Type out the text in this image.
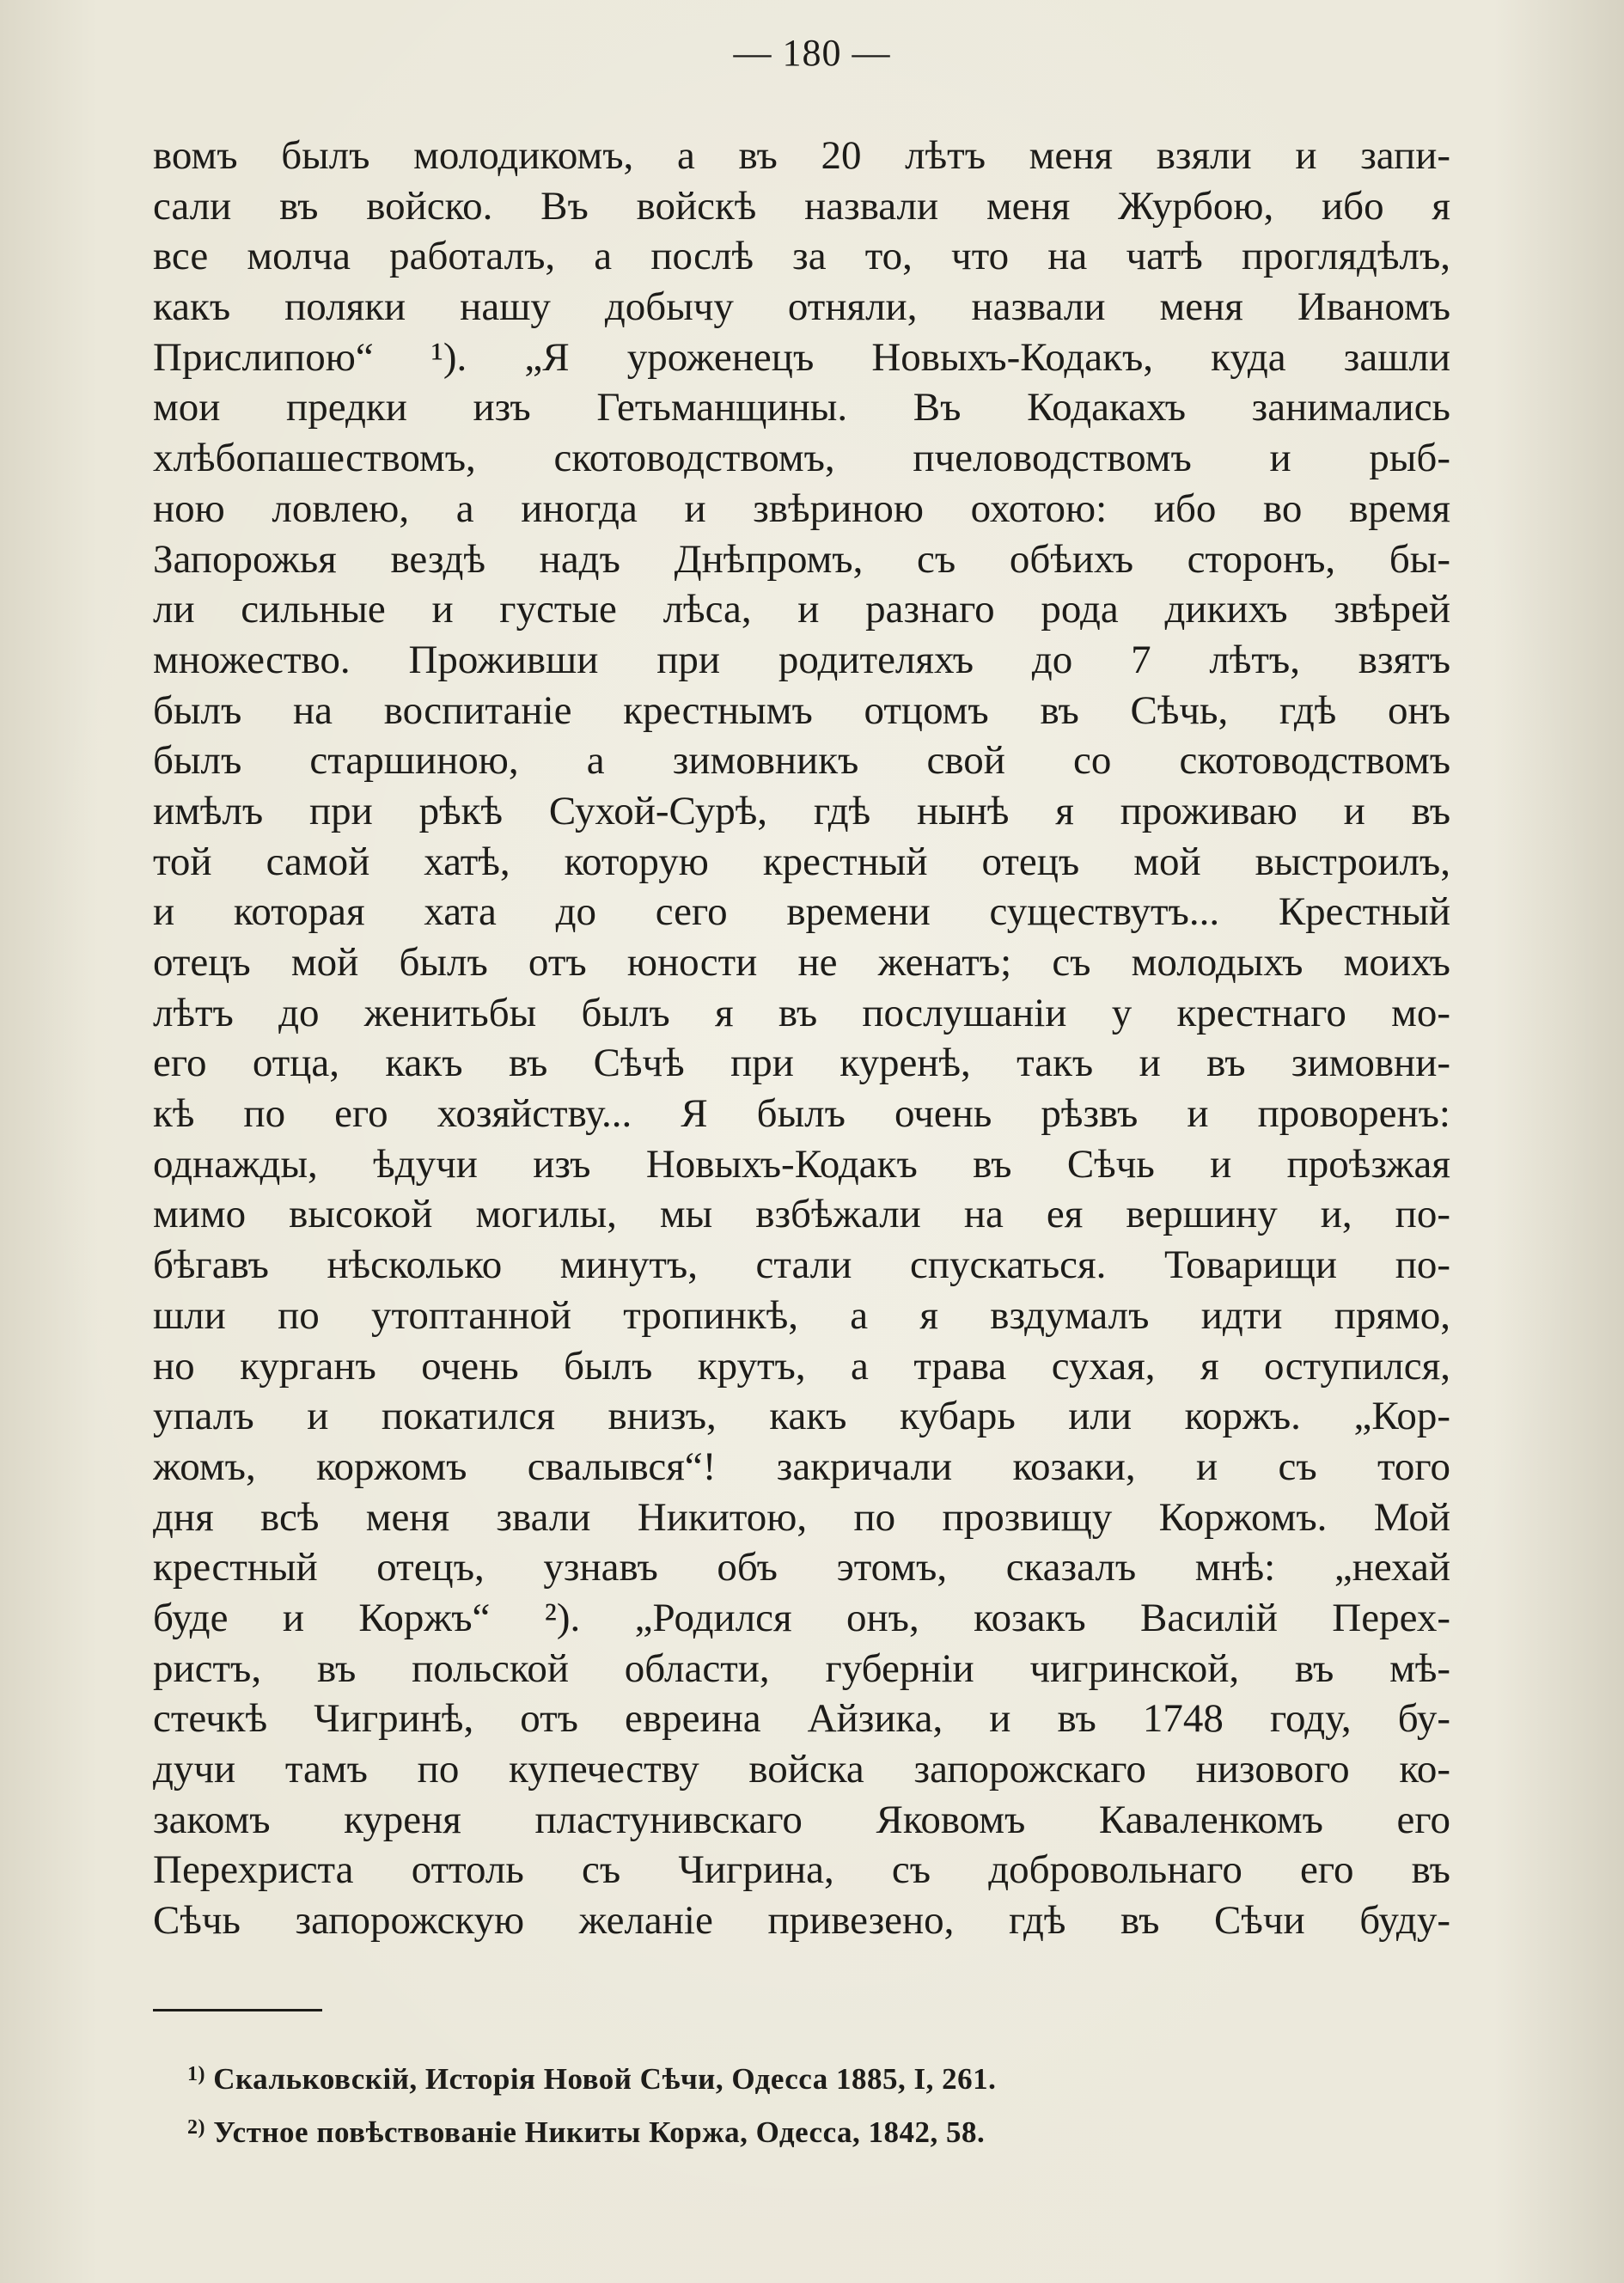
— 180 —
вомъ былъ молодикомъ, а въ 20 лѣтъ меня взяли и запи-
сали въ войско. Въ войскѣ назвали меня Журбою, ибо я
все молча работалъ, а послѣ за то, что на чатѣ проглядѣлъ,
какъ поляки нашу добычу отняли, назвали меня Иваномъ
Прислипою“ ¹). „Я уроженецъ Новыхъ-Кодакъ, куда зашли
мои предки изъ Гетьманщины. Въ Кодакахъ занимались
хлѣбопашествомъ, скотоводствомъ, пчеловодствомъ и рыб-
ною ловлею, а иногда и звѣриною охотою: ибо во время
Запорожья вездѣ надъ Днѣпромъ, съ обѣихъ сторонъ, бы-
ли сильные и густые лѣса, и разнаго рода дикихъ звѣрей
множество. Проживши при родителяхъ до 7 лѣтъ, взятъ
былъ на воспитаніе крестнымъ отцомъ въ Сѣчь, гдѣ онъ
былъ старшиною, а зимовникъ свой со скотоводствомъ
имѣлъ при рѣкѣ Сухой-Сурѣ, гдѣ нынѣ я проживаю и въ
той самой хатѣ, которую крестный отецъ мой выстроилъ,
и которая хата до сего времени существутъ... Крестный
отецъ мой былъ отъ юности не женатъ; съ молодыхъ моихъ
лѣтъ до женитьбы былъ я въ послушаніи у крестнаго мо-
его отца, какъ въ Сѣчѣ при куренѣ, такъ и въ зимовни-
кѣ по его хозяйству... Я былъ очень рѣзвъ и проворенъ:
однажды, ѣдучи изъ Новыхъ-Кодакъ въ Сѣчь и проѣзжая
мимо высокой могилы, мы взбѣжали на ея вершину и, по-
бѣгавъ нѣсколько минутъ, стали спускаться. Товарищи по-
шли по утоптанной тропинкѣ, а я вздумалъ идти прямо,
но курганъ очень былъ крутъ, а трава сухая, я оступился,
упалъ и покатился внизъ, какъ кубарь или коржъ. „Кор-
жомъ, коржомъ свалывся“! закричали козаки, и съ того
дня всѣ меня звали Никитою, по прозвищу Коржомъ. Мой
крестный отецъ, узнавъ объ этомъ, сказалъ мнѣ: „нехай
буде и Коржъ“ ²). „Родился онъ, козакъ Василій Перех-
ристъ, въ польской области, губерніи чигринской, въ мѣ-
стечкѣ Чигринѣ, отъ евреина Айзика, и въ 1748 году, бу-
дучи тамъ по купечеству войска запорожскаго низового ко-
закомъ куреня пластунивскаго Яковомъ Каваленкомъ его
Перехриста оттоль съ Чигрина, съ добровольнаго его въ
Сѣчь запорожскую желаніе привезено, гдѣ въ Сѣчи буду-
$^{1)}$ Скальковскій, Исторія Новой Сѣчи, Одесса 1885, I, 261.
$^{2)}$ Устное повѣствованіе Никиты Коржа, Одесса, 1842, 58.
